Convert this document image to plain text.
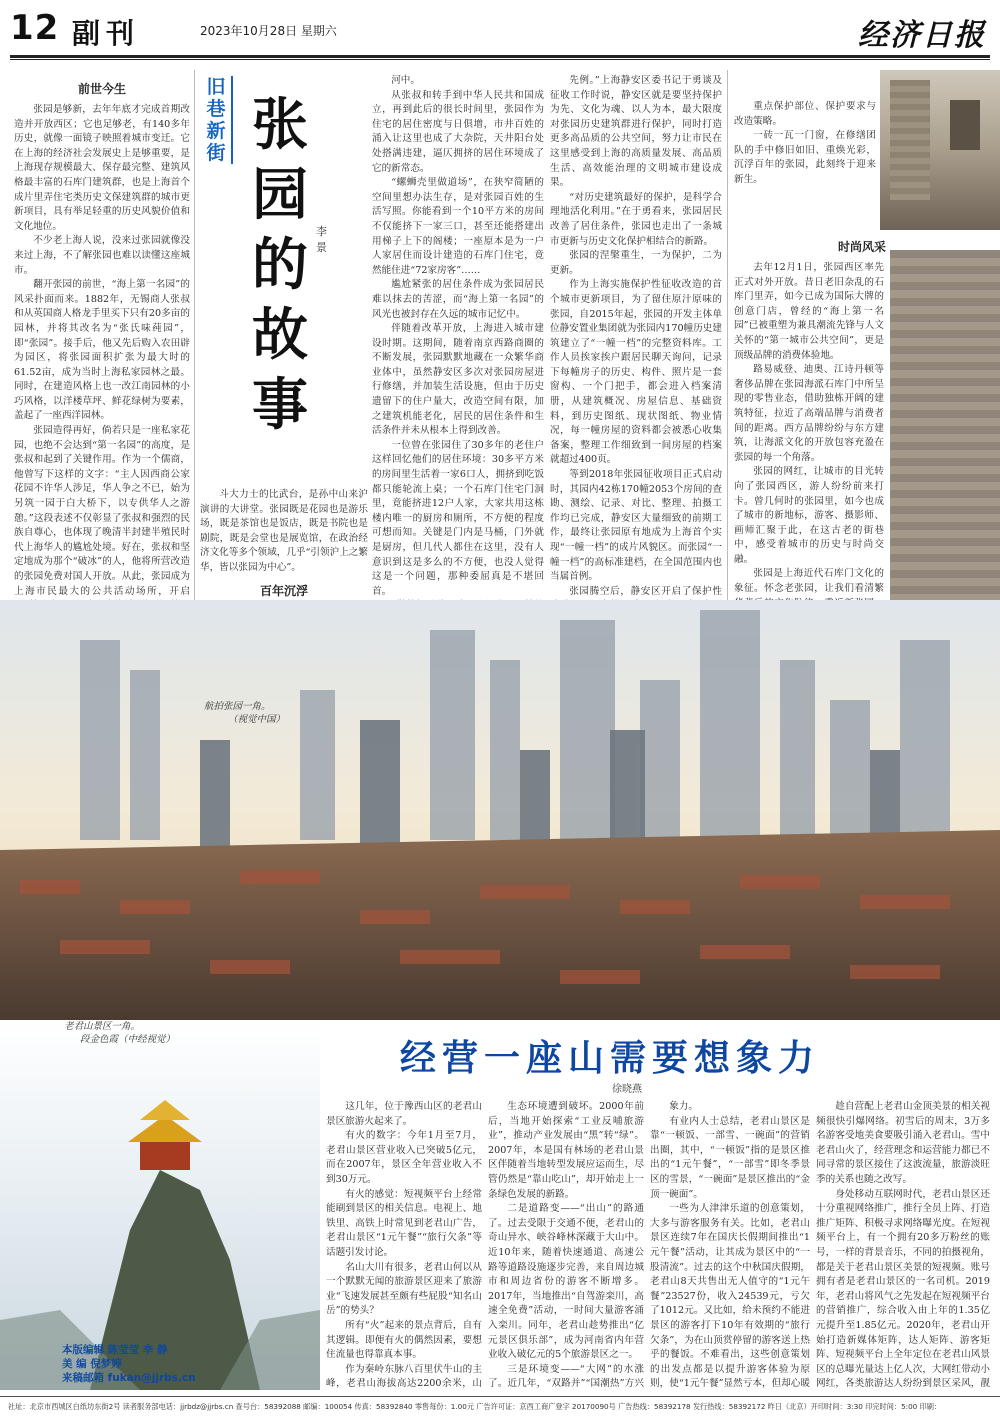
12 副刊	2023年10月28日 星期六	经济日报
旧巷新街 张园的故事
李景
前世今生

张园是够新，去年年底才完成首期改造并开放西区；它也足够老，有140多年历史，就像一面镜子映照着城市变迁。它在上海的经济社会发展史上是够重要，是上海现存规模最大、保存最完整、建筑风格最丰富的石库门建筑群，也是上海首个成片里弄住宅类历史文保建筑群的城市更新项目，具有举足轻重的历史风貌价值和文化地位。

不少老上海人说，没来过张园就像没来过上海，不了解张园也难以读懂这座城市。

翻开张园的前世，“海上第一名园”的风采扑面而来。1882年，无锡商人张叔和从英国商人格龙手里买下只有20多亩的园林，并将其改名为“张氏味莼园”，即“张园”。接手后，他又先后购入农田辟为园区，将张园面积扩张为最大时的61.52亩，成为当时上海私家园林之最。同时，在建造风格上也一改江南园林的小巧风格，以洋楼草坪、鲜花绿树为要素，盖起了一座西洋园林。

张园造得再好，倘若只是一座私家花园，也绝不会达到“第一名园”的高度，是张叔和起到了关键作用。作为一个儒商，他曾写下这样的文字：“主人因西商公家花园不许华人涉足，华人争之不已，始为另筑一园于白大桥下，以专供华人之游憩。”这段表述不仅彰显了张叔和强烈的民族自尊心，也体现了晚清半封建半殖民时代上海华人的尴尬处境。好在，张叔和坚定地成为那个“破冰”的人，他将所营改造的张园免费对国人开放。从此，张园成为上海市民最大的公共活动场所，开启

斗大力士的比武台，是孙中山来沪演讲的大讲堂。张园既是花园也是游乐场，既是茶馆也是饭店，既是书院也是剧院，既是会堂也是展览馆，在政治经济文化等多个领域，几乎“引领沪上之繁华，皆以张园为中心”。

百年沉浮

河中。

从张叔和转手到中华人民共和国成立，再到此后的很长时间里，张园作为住宅的居住密度与日俱增，市井百姓的涌入让这里也成了大杂院，天井阳台处处搭满违建，逼仄拥挤的居住环境成了它的新常态。

“螺蛳壳里做道场”，在狭窄简陋的空间里想办法生存，是对张园百姓的生活写照。你能看到一个10平方米的房间不仅能挤下一家三口，甚至还能搭建出用梯子上下的阁楼；一座原本是为一户人家居住而设计建造的石库门住宅，竟然能住进“72家房客”……

尴尬紧张的居住条件成为张园居民难以抹去的苦涩，而“海上第一名园”的风光也被封存在久远的城市记忆中。

伴随着改革开放，上海进入城市建设时期。这期间，随着南京西路商圈的不断发展，张园默默地藏在一众繁华商业体中，虽然静安区多次对张园房屋进行修缮，并加装生活设施，但由于历史遗留下的住户量大，改造空间有限，加之建筑机能老化，居民的居住条件和生活条件并未从根本上得到改善。

一位曾在张园住了30多年的老住户这样回忆他们的居住环境：30多平方米的房间里生活着一家6口人，拥挤到吃饭都只能轮流上桌；一个石库门住宅门洞里，竟能挤进12户人家，大家共用这栋楼内唯一的厨房和厕所，不方便的程度可想而知。关键是门内是马桶，门外就是厨房，但几代人都住在这里，没有人意识到这是多么的不方便，也没人觉得这是一个问题，那种委屈真是不堪回首。

先例。”上海静安区委书记于勇谈及征收工作时说，静安区就是要坚持保护为先、文化为魂、以人为本，最大限度对张园历史建筑群进行保护，同时打造更多高品质的公共空间，努力让市民在这里感受到上海的高质量发展、高品质生活、高效能治理的文明城市建设成果。

“对历史建筑最好的保护，是科学合理地活化利用。”在于勇看来，张园居民改善了居住条件，张园也走出了一条城市更新与历史文化保护相结合的新路。

张园的涅槃重生，一为保护，二为更新。

作为上海实施保护性征收改造的首个城市更新项目，为了留住原汁原味的张园，自2015年起，张园的开发主体单位静安置业集团就为张园内170幢历史建筑建立了“一幢一档”的完整资料库。工作人员挨家挨户跟居民聊天询问，记录下每幢房子的历史、构件、照片是一套窗构、一个门把手，都会进入档案清册，从建筑概况、房屋信息、基础资料，到历史图纸、现状图纸、物业情况，每一幢房屋的资料都会被悉心收集备案，整理工作细致到一间房屋的档案就超过400页。

等到2018年张园征收项目正式启动时，其园内42栋170幢2053个房间的查勘、测绘、记录、对比、整理、拍摄工作均已完成，静安区大量细致的前期工作，最终让张园原有地成为上海首个实现“一幢一档”的成片风貌区。而张园“一幢一档”的高标准建档，在全国范围内也当属首例。

张园腾空后，静安区开启了保护性

重点保护部位、保护要求与改造策略。

一砖一瓦一门窗，在修缮团队的手中修旧如旧、重焕光彩，沉浮百年的张园，此刻终于迎来新生。

时尚风采

去年12月1日，张园西区率先正式对外开放。昔日老旧杂乱的石库门里弄，如今已成为国际大牌的创意门店，曾经的“海上第一名园”已被重塑为兼具潮流先锋与人文关怀的“第一城市公共空间”，更是顶级品牌的消费体验地。

路易威登、迪奥、江诗丹顿等奢侈品牌在张园海派石库门中所呈现的零售业态，借助独栋开阔的建筑特征，拉近了高端品牌与消费者间的距离。西方品牌纷纷与东方建筑，让海派文化的开放包容充盈在张园的每一个角落。

张园的网红，让城市的目光转向了张园西区，游人纷纷前来打卡。曾几何时的张园里，如今也成了城市的新地标，游客、摄影师、画师汇聚于此，在这古老的街巷中，感受着城市的历史与时尚交融。

张园是上海近代石库门文化的象征。怀念老张园，让我们看清繁

航拍张园一角。
（视觉中国）
老君山景区一角。
段金色霞（中经视觉）	经营一座山需要想象力
徐晓燕

这几年，位于豫西山区的老君山景区旅游火起来了。

有火的数字：今年1月至7月，老君山景区营业收入已突破5亿元，而在2007年，景区全年营业收入不到30万元。

有火的感觉：短视频平台上经常能刷到景区的相关信息。电视上、地铁里、高铁上时常见到老君山广告，老君山景区“1元午餐”“旅行欠条”等话题引发讨论。

名山大川有很多，老君山何以从一个默默无闻的旅游景区迎来了旅游业“飞速发展甚至颇有些屁股“知名山岳”的势头？

所有“火”起来的景点背后，自有其逻辑。即便有火的偶然因素，要想住流量也得靠真本事。

作为秦岭东脉八百里伏牛山的主峰，老君山海拔高达2200余米，山

生态环境遭到破坏。2000年前后，当地开始探索“工业反哺旅游业”，推动产业发展由“黑”转“绿”。2007年，本是国有林场的老君山景区伴随着当地转型发展应运而生，尽管仍然是“靠山吃山”，却开始走上一条绿色发展的新路。

二是道路变——“出山”的路通了。过去受限于交通不便，老君山的奇山异水、峡谷峰林深藏于大山中。近10年来，随着快速通道、高速公路等道路设施逐步完善，来自周边城市和周边省份的游客不断增多。2017年，当地推出“自驾游栾川，高速全免费”活动，一时间大量游客涌入栾川。同年，老君山趁势推出“亿元景区俱乐部”，成为河南省内年营业收入破亿元的5个旅游景区之一。

三是环境变——“大网”的水涨了。近几年，“双路并”“国潮热”方兴

象力。

有业内人士总结，老君山景区是靠“一顿饭、一部雪、一碗面”的营销出圈，其中，“一顿饭”指的是景区推出的“1元午餐”，“一部雪”即冬季景区的雪景，“一碗面”是景区推出的“金顶一碗面”。

一些为人津津乐道的创意策划，大多与游客服务有关。比如，老君山景区连续7年在国庆长假期间推出“1元午餐”活动，让其成为景区中的“一股清流”。过去的这个中秋国庆假期，老君山8天共售出无人值守的“1元午餐”23527份，收入24539元，亏欠了1012元。又比如，给未预约不能进景区的游客打下10年有效期的“旅行欠条”，为在山顶赏停留的游客送上热乎的餐饭。不难看出，这些创意策划的出发点都是以提升游客体验为原则，使“1元午餐”显然亏本，但却心暖

趁自营配上老君山金顶美景的相关视频很快引爆网络。初雪后的周末，3万多名游客受地美食要吸引涌入老君山。雪中老君山火了，经营理念和运营能力都已不同寻常的景区接住了这波流量，旅游淡旺季的关系也随之改写。

身处移动互联网时代，老君山景区还十分重视网络推广，推行全员上阵、打造推广矩阵、积极寻求网络曝光度。在短视频平台上，有一个拥有20多万粉丝的账号，一样的背景音乐，不同的拍摄视角，都是关于老君山景区美景的短视频。账号拥有者是老君山景区的一名司机。2019年，老君山将风气之先发起在短视频平台的营销推广，综合收入由上年的1.35亿元提升至1.85亿元。2020年，老君山开始打造新媒体矩阵，达人矩阵、游客矩阵、短视频平台上全年定位在老君山风景区的总曝光量达上亿人次，大网红带动小网红，各类旅游达人纷纷到景区采风，靓

本版编辑 陈莹莹 李 静
美 编 倪梦婷
来稿邮箱 fukan@jjrbs.cn
社址：北京市西城区白纸坊东街2号 读者服务部电话：jjrbdz@jjrbs.cn 查号台：58392088 邮编：100054 传真：58392840 零售每份：1.00元 广告许可证：京西工商广登字 20170090号 广告热线：58392178 发行热线：58392172 昨日（北京）开印时间：3:30 印完时间：5:00 印刷：
